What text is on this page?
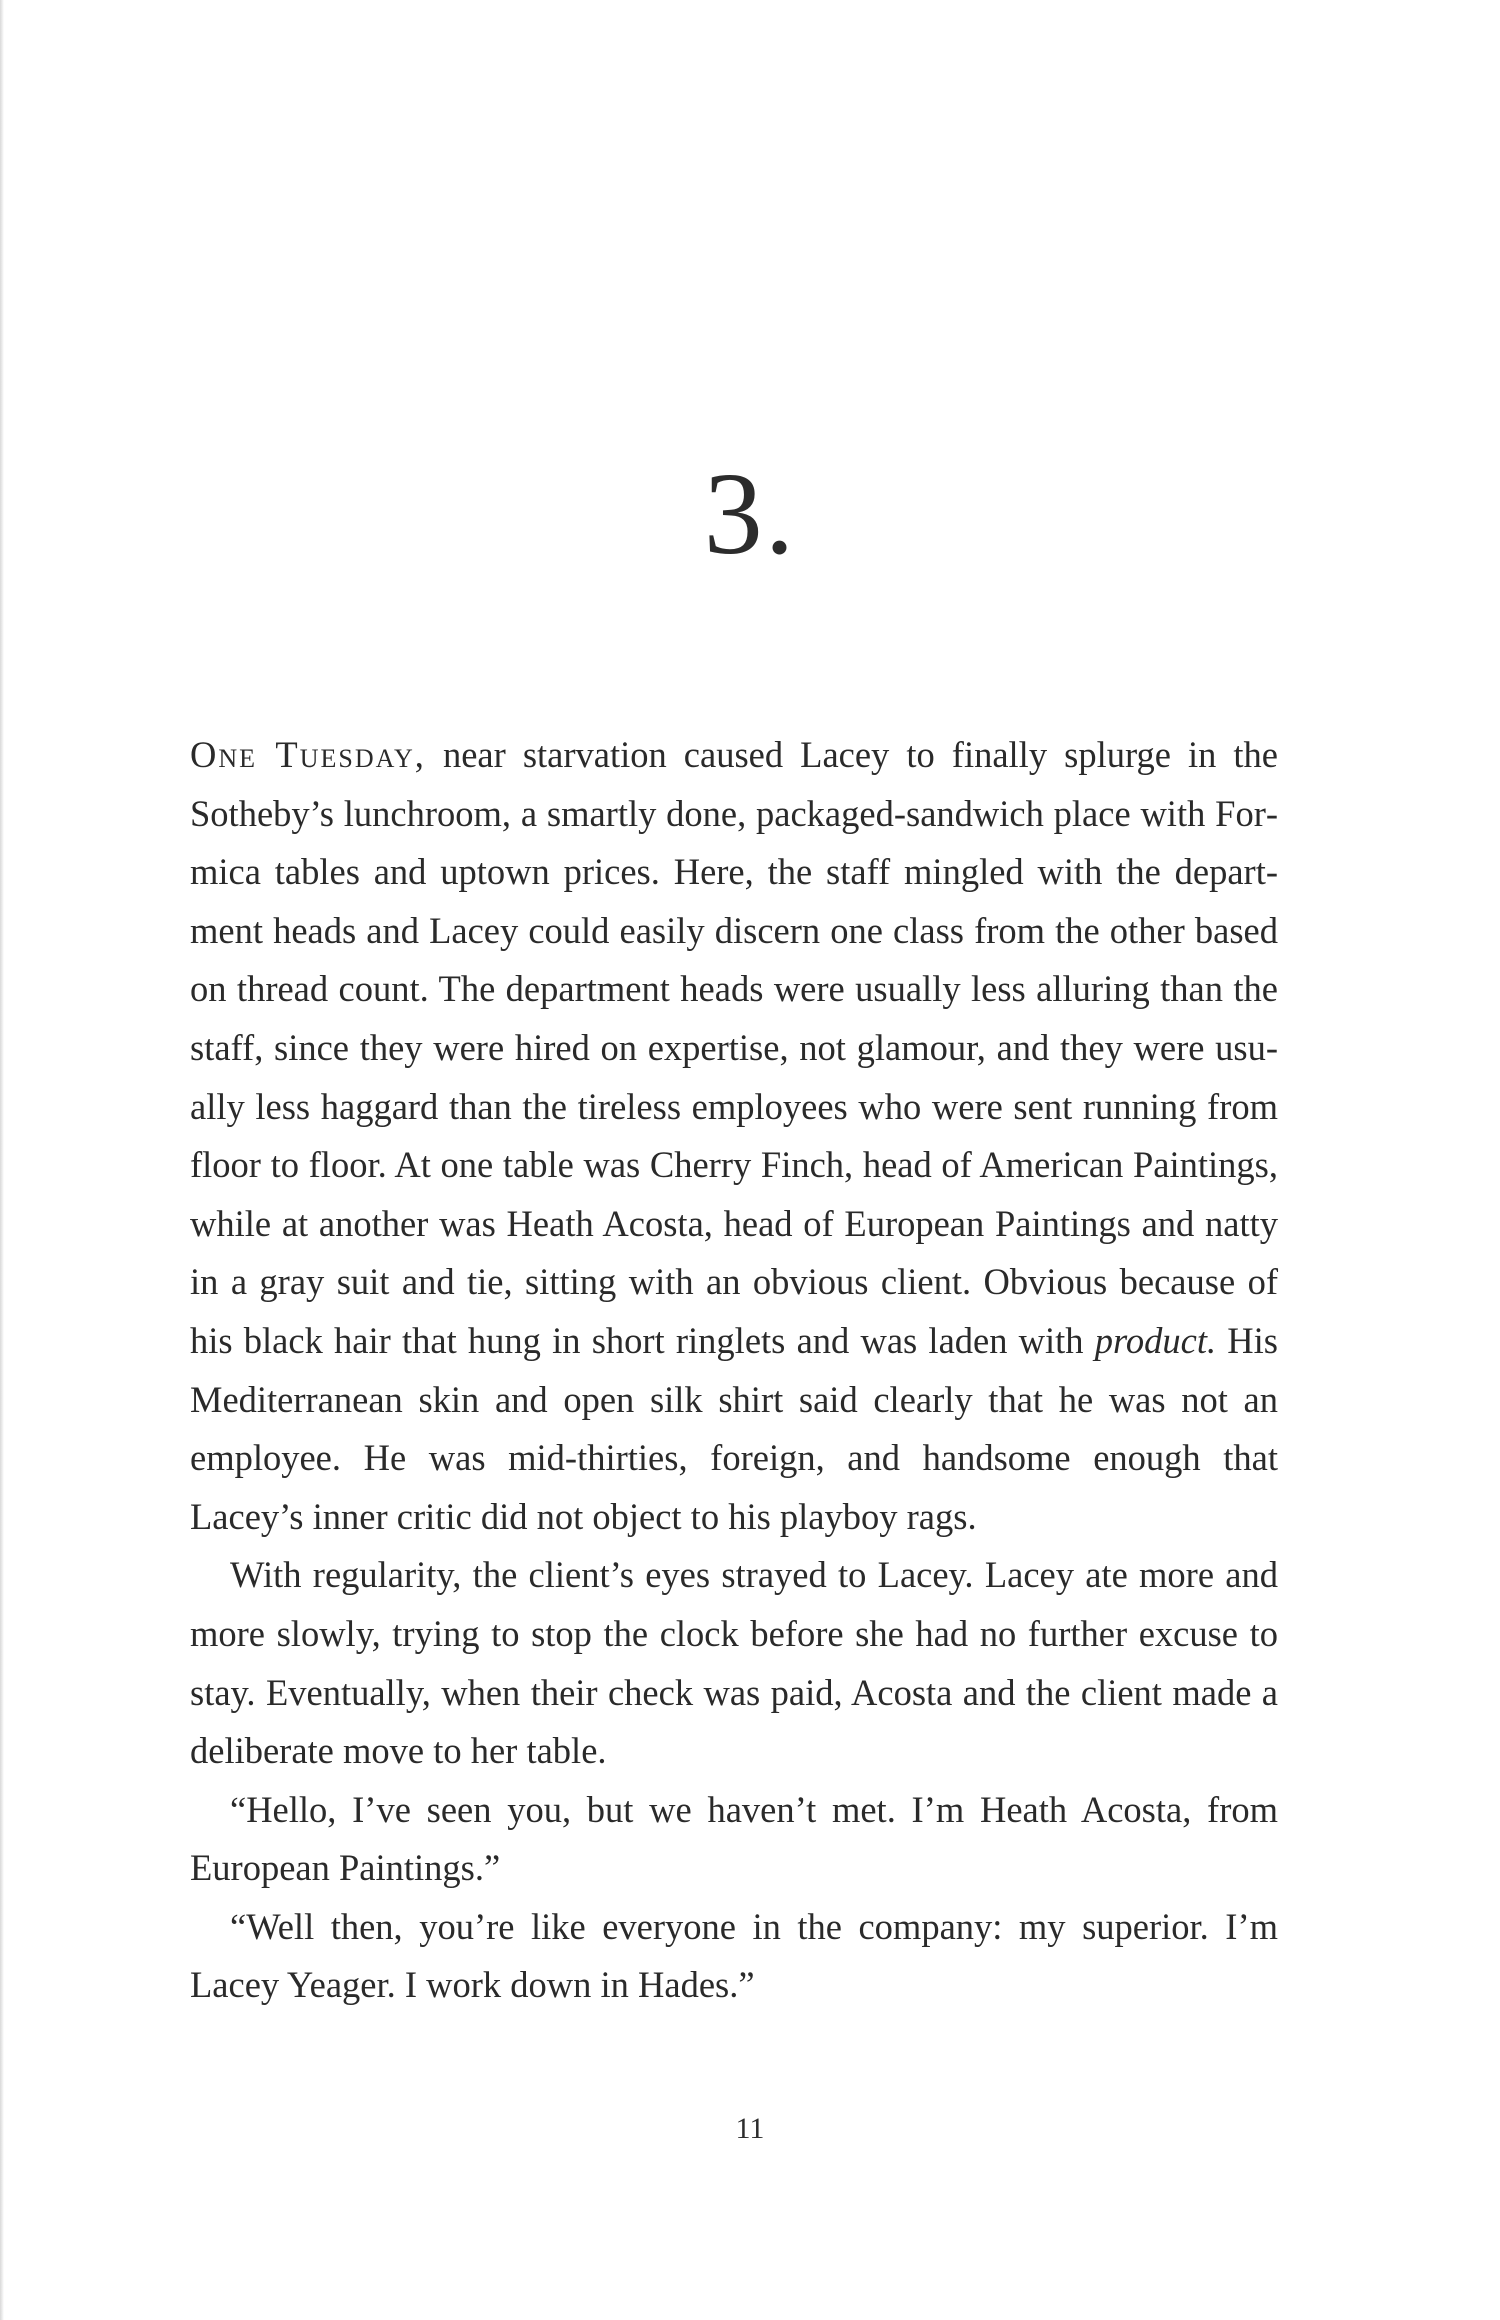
3.

One Tuesday, near starvation caused Lacey to finally splurge in the Sotheby’s lunchroom, a smartly done, packaged-sandwich place with Formica tables and uptown prices. Here, the staff mingled with the department heads and Lacey could easily discern one class from the other based on thread count. The department heads were usually less alluring than the staff, since they were hired on expertise, not glamour, and they were usually less haggard than the tireless employees who were sent running from floor to floor. At one table was Cherry Finch, head of American Paintings, while at another was Heath Acosta, head of European Paintings and natty in a gray suit and tie, sitting with an obvious client. Obvious because of his black hair that hung in short ringlets and was laden with product. His Mediterranean skin and open silk shirt said clearly that he was not an employee. He was mid-thirties, foreign, and handsome enough that Lacey’s inner critic did not object to his playboy rags.

With regularity, the client’s eyes strayed to Lacey. Lacey ate more and more slowly, trying to stop the clock before she had no further excuse to stay. Eventually, when their check was paid, Acosta and the client made a deliberate move to her table.

“Hello, I’ve seen you, but we haven’t met. I’m Heath Acosta, from European Paintings.”

“Well then, you’re like everyone in the company: my superior. I’m Lacey Yeager. I work down in Hades.”

11
